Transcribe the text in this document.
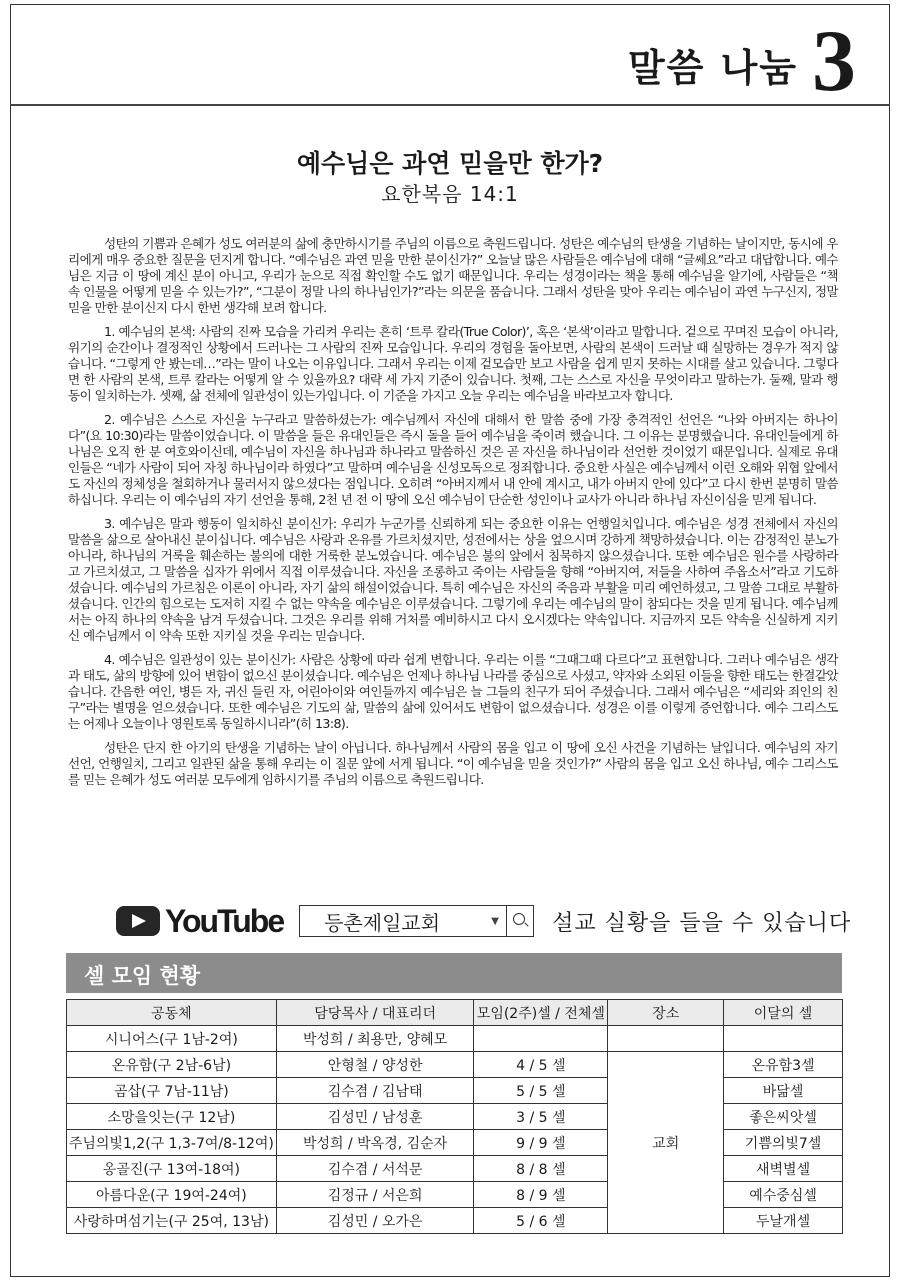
말씀 나눔 3
예수님은 과연 믿을만 한가?
요한복음 14:1

성탄의 기쁨과 은혜가 성도 여러분의 삶에 충만하시기를 주님의 이름으로 축원드립니다. 성탄은 예수님의 탄생을 기념하는 날이지만, 동시에 우리에게 매우 중요한 질문을 던지게 합니다. “예수님은 과연 믿을 만한 분이신가?” 오늘날 많은 사람들은 예수님에 대해 “글쎄요”라고 대답합니다. 예수님은 지금 이 땅에 계신 분이 아니고, 우리가 눈으로 직접 확인할 수도 없기 때문입니다. 우리는 성경이라는 책을 통해 예수님을 알기에, 사람들은 “책 속 인물을 어떻게 믿을 수 있는가?”, “그분이 정말 나의 하나님인가?”라는 의문을 품습니다. 그래서 성탄을 맞아 우리는 예수님이 과연 누구신지, 정말 믿을 만한 분이신지 다시 한번 생각해 보려 합니다.

1. 예수님의 본색: 사람의 진짜 모습을 가리켜 우리는 흔히 ‘트루 칼라(True Color)’, 혹은 ‘본색’이라고 말합니다. 겉으로 꾸며진 모습이 아니라, 위기의 순간이나 결정적인 상황에서 드러나는 그 사람의 진짜 모습입니다. 우리의 경험을 돌아보면, 사람의 본색이 드러날 때 실망하는 경우가 적지 않습니다. “그렇게 안 봤는데…”라는 말이 나오는 이유입니다. 그래서 우리는 이제 겉모습만 보고 사람을 쉽게 믿지 못하는 시대를 살고 있습니다. 그렇다면 한 사람의 본색, 트루 칼라는 어떻게 알 수 있을까요? 대략 세 가지 기준이 있습니다. 첫째, 그는 스스로 자신을 무엇이라고 말하는가. 둘째, 말과 행동이 일치하는가. 셋째, 삶 전체에 일관성이 있는가입니다. 이 기준을 가지고 오늘 우리는 예수님을 바라보고자 합니다.

2. 예수님은 스스로 자신을 누구라고 말씀하셨는가: 예수님께서 자신에 대해서 한 말씀 중에 가장 충격적인 선언은 “나와 아버지는 하나이다”(요 10:30)라는 말씀이었습니다. 이 말씀을 들은 유대인들은 즉시 돌을 들어 예수님을 죽이려 했습니다. 그 이유는 분명했습니다. 유대인들에게 하나님은 오직 한 분 여호와이신데, 예수님이 자신을 하나님과 하나라고 말씀하신 것은 곧 자신을 하나님이라 선언한 것이었기 때문입니다. 실제로 유대인들은 “네가 사람이 되어 자칭 하나님이라 하였다”고 말하며 예수님을 신성모독으로 정죄합니다. 중요한 사실은 예수님께서 이런 오해와 위협 앞에서도 자신의 정체성을 철회하거나 물러서지 않으셨다는 점입니다. 오히려 “아버지께서 내 안에 계시고, 내가 아버지 안에 있다”고 다시 한번 분명히 말씀하십니다. 우리는 이 예수님의 자기 선언을 통해, 2천 년 전 이 땅에 오신 예수님이 단순한 성인이나 교사가 아니라 하나님 자신이심을 믿게 됩니다.

3. 예수님은 말과 행동이 일치하신 분이신가: 우리가 누군가를 신뢰하게 되는 중요한 이유는 언행일치입니다. 예수님은 성경 전체에서 자신의 말씀을 삶으로 살아내신 분이십니다. 예수님은 사랑과 온유를 가르치셨지만, 성전에서는 상을 엎으시며 강하게 책망하셨습니다. 이는 감정적인 분노가 아니라, 하나님의 거룩을 훼손하는 불의에 대한 거룩한 분노였습니다. 예수님은 불의 앞에서 침묵하지 않으셨습니다. 또한 예수님은 원수를 사랑하라고 가르치셨고, 그 말씀을 십자가 위에서 직접 이루셨습니다. 자신을 조롱하고 죽이는 사람들을 향해 “아버지여, 저들을 사하여 주옵소서”라고 기도하셨습니다. 예수님의 가르침은 이론이 아니라, 자기 삶의 해설이었습니다. 특히 예수님은 자신의 죽음과 부활을 미리 예언하셨고, 그 말씀 그대로 부활하셨습니다. 인간의 힘으로는 도저히 지킬 수 없는 약속을 예수님은 이루셨습니다. 그렇기에 우리는 예수님의 말이 참되다는 것을 믿게 됩니다. 예수님께서는 아직 하나의 약속을 남겨 두셨습니다. 그것은 우리를 위해 거처를 예비하시고 다시 오시겠다는 약속입니다. 지금까지 모든 약속을 신실하게 지키신 예수님께서 이 약속 또한 지키실 것을 우리는 믿습니다.

4. 예수님은 일관성이 있는 분이신가: 사람은 상황에 따라 쉽게 변합니다. 우리는 이를 “그때그때 다르다”고 표현합니다. 그러나 예수님은 생각과 태도, 삶의 방향에 있어 변함이 없으신 분이셨습니다. 예수님은 언제나 하나님 나라를 중심으로 사셨고, 약자와 소외된 이들을 향한 태도는 한결같았습니다. 간음한 여인, 병든 자, 귀신 들린 자, 어린아이와 여인들까지 예수님은 늘 그들의 친구가 되어 주셨습니다. 그래서 예수님은 “세리와 죄인의 친구”라는 별명을 얻으셨습니다. 또한 예수님은 기도의 삶, 말씀의 삶에 있어서도 변함이 없으셨습니다. 성경은 이를 이렇게 증언합니다. 예수 그리스도는 어제나 오늘이나 영원토록 동일하시니라”(히 13:8).

성탄은 단지 한 아기의 탄생을 기념하는 날이 아닙니다. 하나님께서 사람의 몸을 입고 이 땅에 오신 사건을 기념하는 날입니다. 예수님의 자기 선언, 언행일치, 그리고 일관된 삶을 통해 우리는 이 질문 앞에 서게 됩니다. “이 예수님을 믿을 것인가?” 사람의 몸을 입고 오신 하나님, 예수 그리스도를 믿는 은혜가 성도 여러분 모두에게 임하시기를 주님의 이름으로 축원드립니다.

YouTube	등촌제일교회	▼	설교 실황을 들을 수 있습니다
셀 모임 현황
공동체	담당목사 / 대표리더	모임(2주)셀 / 전체셀	장소	이달의 셀
시니어스(구 1남-2여)	박성희 / 최용만, 양혜모			
온유함(구 2남-6남)	안형철 / 양성한	4 / 5 셀	교회	온유함3셀
곰삽(구 7남-11남)	김수겸 / 김남태	5 / 5 셀		바닮셀
소망을잇는(구 12남)	김성민 / 남성훈	3 / 5 셀		좋은씨앗셀
주님의빛1,2(구 1,3-7여/8-12여)	박성희 / 박옥경, 김순자	9 / 9 셀		기쁨의빛7셀
옹골진(구 13여-18여)	김수겸 / 서석문	8 / 8 셀		새벽별셀
아름다운(구 19여-24여)	김정규 / 서은희	8 / 9 셀		예수중심셀
사랑하며섬기는(구 25여, 13남)	김성민 / 오가은	5 / 6 셀		두날개셀
